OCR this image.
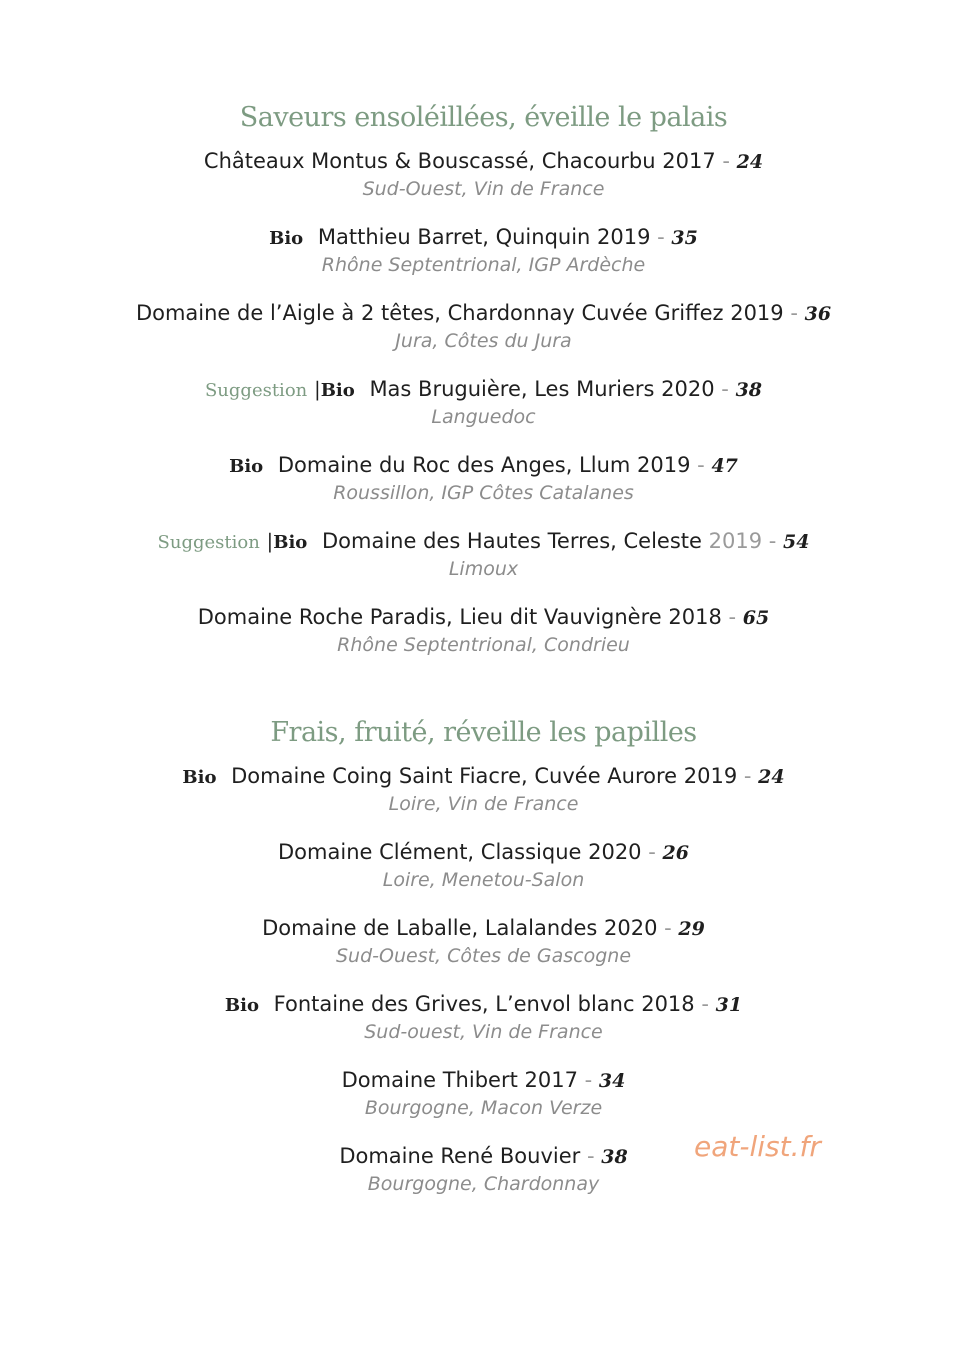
Saveurs ensoléillées, éveille le palais
Châteaux Montus & Bouscassé, Chacourbu 2017 - 24
Sud-Ouest, Vin de France
Bio Matthieu Barret, Quinquin 2019 - 35
Rhône Septentrional, IGP Ardèche
Domaine de l’Aigle à 2 têtes, Chardonnay Cuvée Griffez 2019 - 36
Jura, Côtes du Jura
Suggestion |Bio Mas Bruguière, Les Muriers 2020 - 38
Languedoc
Bio Domaine du Roc des Anges, Llum 2019 - 47
Roussillon, IGP Côtes Catalanes
Suggestion |Bio Domaine des Hautes Terres, Celeste 2019 - 54
Limoux
Domaine Roche Paradis, Lieu dit Vauvignère 2018 - 65
Rhône Septentrional, Condrieu
Frais, fruité, réveille les papilles
Bio Domaine Coing Saint Fiacre, Cuvée Aurore 2019 - 24
Loire, Vin de France
Domaine Clément, Classique 2020 - 26
Loire, Menetou-Salon
Domaine de Laballe, Lalalandes 2020 - 29
Sud-Ouest, Côtes de Gascogne
Bio Fontaine des Grives, L’envol blanc 2018 - 31
Sud-ouest, Vin de France
Domaine Thibert 2017 - 34
Bourgogne, Macon Verze
Domaine René Bouvier - 38
Bourgogne, Chardonnay
eat-list.fr
